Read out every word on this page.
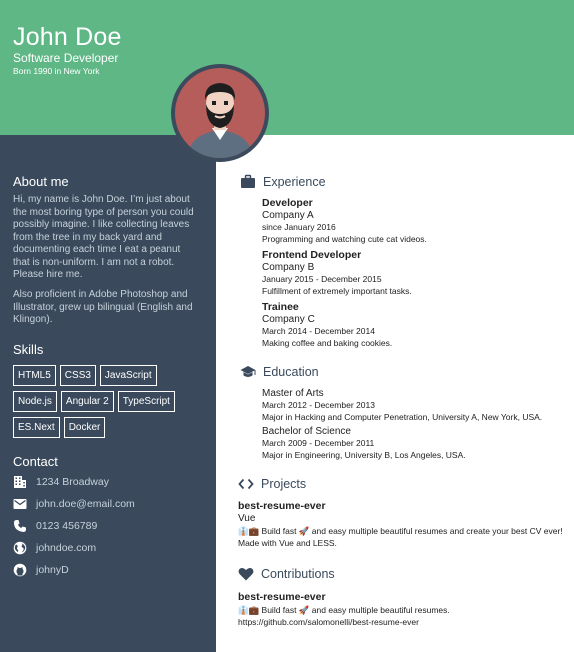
John Doe
Software Developer
Born 1990 in New York
About me
Hi, my name is John Doe. I’m just about the most boring type of person you could possibly imagine. I like collecting leaves from the tree in my back yard and documenting each time I eat a peanut that is non-uniform. I am not a robot. Please hire me.
Also proficient in Adobe Photoshop and Illustrator, grew up bilingual (English and Klingon).
Skills
HTML5	CSS3	JavaScript
Node.js	Angular 2	TypeScript
ES.Next	Docker
Contact
1234 Broadway
john.doe@email.com
0123 456789
johndoe.com
johnyD
Experience
Developer
Company A
since January 2016
Programming and watching cute cat videos.
Frontend Developer
Company B
January 2015 - December 2015
Fulfillment of extremely important tasks.
Trainee
Company C
March 2014 - December 2014
Making coffee and baking cookies.
Education
Master of Arts
March 2012 - December 2013
Major in Hacking and Computer Penetration, University A, New York, USA.
Bachelor of Science
March 2009 - December 2011
Major in Engineering, University B, Los Angeles, USA.
Projects
best-resume-ever
Vue
👔💼 Build fast 🚀 and easy multiple beautiful resumes and create your best CV ever! Made with Vue and LESS.
Contributions
best-resume-ever
👔💼 Build fast 🚀 and easy multiple beautiful resumes.
https://github.com/salomonelli/best-resume-ever
